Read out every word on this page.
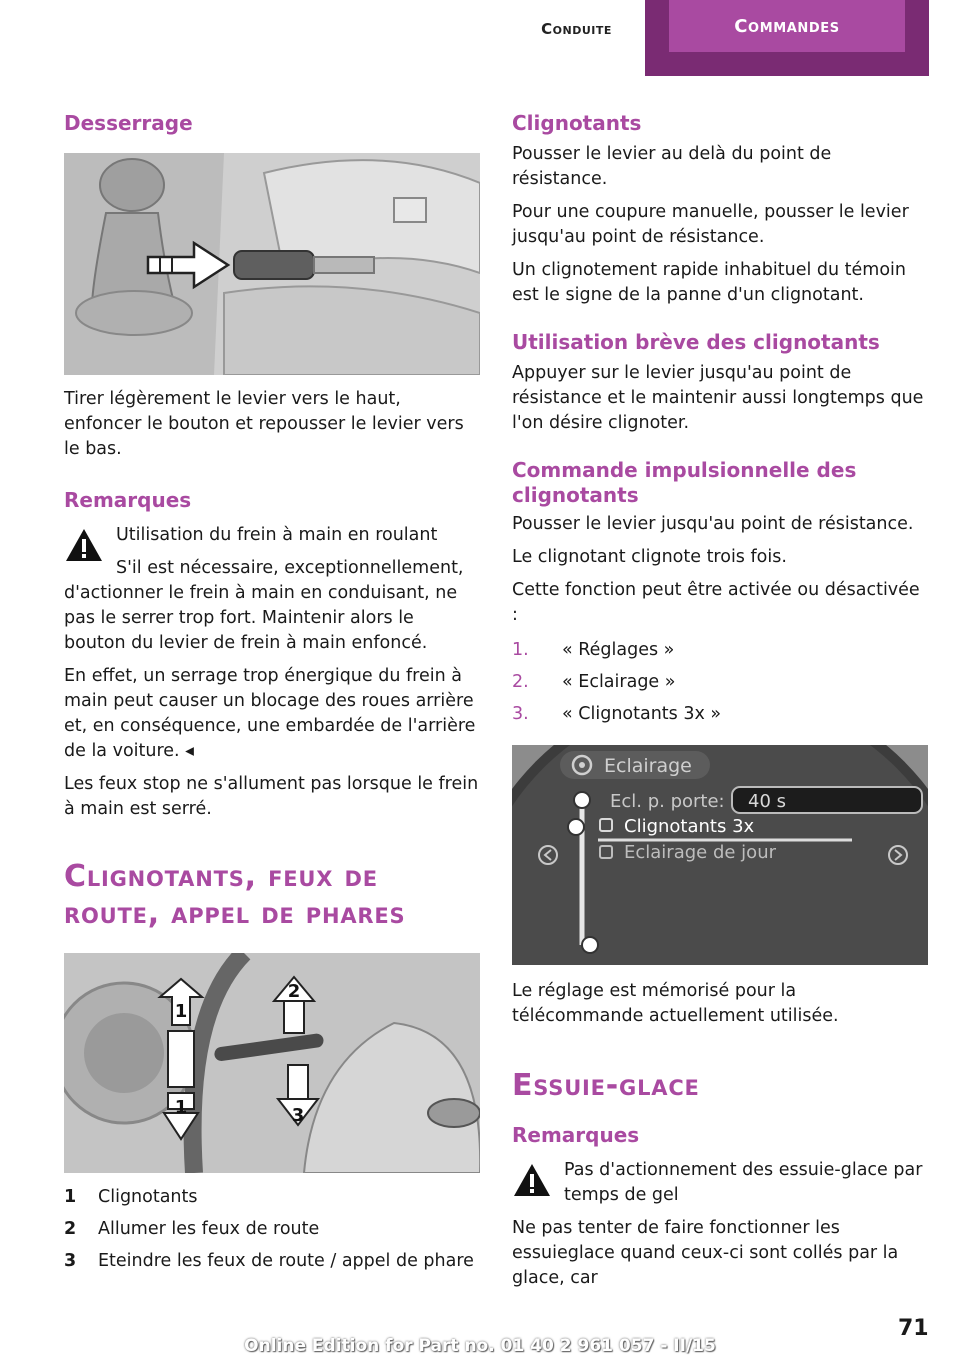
Conduite	Commandes
Desserrage

Tirer légèrement le levier vers le haut, enfoncer le bouton et repousser le levier vers le bas.

Remarques

Utilisation du frein à main en roulant

S'il est nécessaire, exceptionnellement,

d'actionner le frein à main en conduisant, ne pas le serrer trop fort. Maintenir alors le bouton du levier de frein à main enfoncé.

En effet, un serrage trop énergique du frein à main peut causer un blocage des roues arrière et, en conséquence, une embardée de l'arrière de la voiture. ◂

Les feux stop ne s'allument pas lorsque le frein à main est serré.

Clignotants, feux de route, appel de phares
1
2
1	3
1	Clignotants
2	Allumer les feux de route
3	Eteindre les feux de route / appel de phare
Clignotants

Pousser le levier au delà du point de résistance.

Pour une coupure manuelle, pousser le levier jusqu'au point de résistance.

Un clignotement rapide inhabituel du témoin est le signe de la panne d'un clignotant.

Utilisation brève des clignotants

Appuyer sur le levier jusqu'au point de résistance et le maintenir aussi longtemps que l'on désire clignoter.

Commande impulsionnelle des clignotants

Pousser le levier jusqu'au point de résistance.

Le clignotant clignote trois fois.

Cette fonction peut être activée ou désactivée :

1.	« Réglages »
2.	« Eclairage »
3.	« Clignotants 3x »
Eclairage
Ecl. p. porte: 40 s
Clignotants 3x
Eclairage de jour

Le réglage est mémorisé pour la télécommande actuellement utilisée.

Essuie-glace
Remarques

Pas d'actionnement des essuie-glace par temps de gel

Ne pas tenter de faire fonctionner les essuieglace quand ceux-ci sont collés par la glace, car

71
Online Edition for Part no. 01 40 2 961 057 - II/15
